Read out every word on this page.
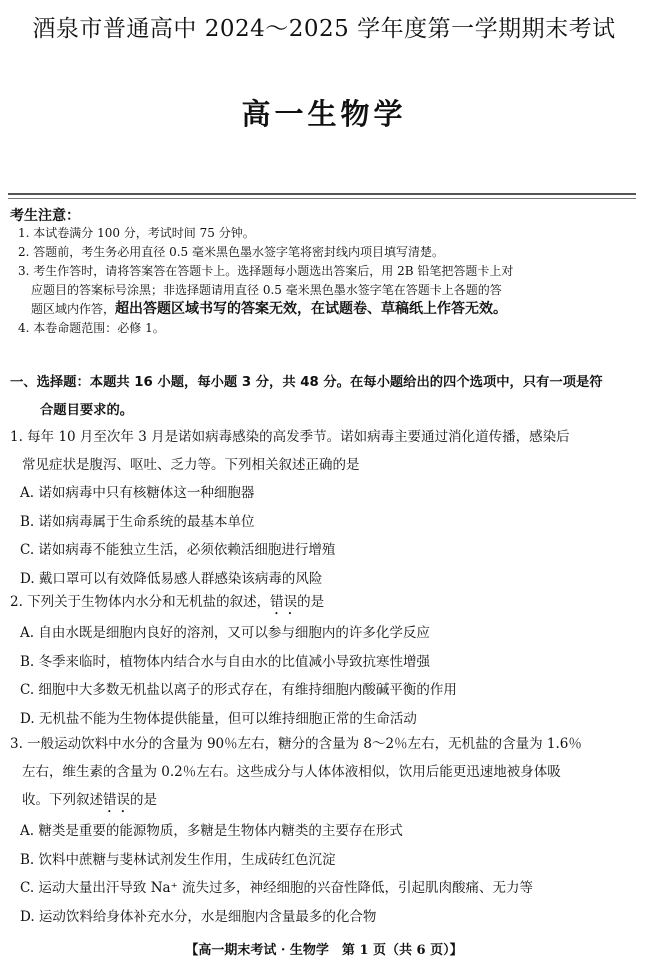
酒泉市普通高中 2024～2025 学年度第一学期期末考试
高一生物学
考生注意：
1. 本试卷满分 100 分，考试时间 75 分钟。
2. 答题前，考生务必用直径 0.5 毫米黑色墨水签字笔将密封线内项目填写清楚。
3. 考生作答时，请将答案答在答题卡上。选择题每小题选出答案后，用 2B 铅笔把答题卡上对
应题目的答案标号涂黑；非选择题请用直径 0.5 毫米黑色墨水签字笔在答题卡上各题的答
题区域内作答，超出答题区域书写的答案无效，在试题卷、草稿纸上作答无效。
4. 本卷命题范围：必修 1。
一、选择题：本题共 16 小题，每小题 3 分，共 48 分。在每小题给出的四个选项中，只有一项是符
合题目要求的。
1. 每年 10 月至次年 3 月是诺如病毒感染的高发季节。诺如病毒主要通过消化道传播，感染后
常见症状是腹泻、呕吐、乏力等。下列相关叙述正确的是
A. 诺如病毒中只有核糖体这一种细胞器
B. 诺如病毒属于生命系统的最基本单位
C. 诺如病毒不能独立生活，必须依赖活细胞进行增殖
D. 戴口罩可以有效降低易感人群感染该病毒的风险
2. 下列关于生物体内水分和无机盐的叙述，错误的是
A. 自由水既是细胞内良好的溶剂，又可以参与细胞内的许多化学反应
B. 冬季来临时，植物体内结合水与自由水的比值减小导致抗寒性增强
C. 细胞中大多数无机盐以离子的形式存在，有维持细胞内酸碱平衡的作用
D. 无机盐不能为生物体提供能量，但可以维持细胞正常的生命活动
3. 一般运动饮料中水分的含量为 90％左右，糖分的含量为 8～2％左右，无机盐的含量为 1.6％
左右，维生素的含量为 0.2％左右。这些成分与人体体液相似，饮用后能更迅速地被身体吸
收。下列叙述错误的是
A. 糖类是重要的能源物质，多糖是生物体内糖类的主要存在形式
B. 饮料中蔗糖与斐林试剂发生作用，生成砖红色沉淀
C. 运动大量出汗导致 Na⁺ 流失过多，神经细胞的兴奋性降低，引起肌肉酸痛、无力等
D. 运动饮料给身体补充水分，水是细胞内含量最多的化合物
【高一期末考试 · 生物学　第 1 页（共 6 页）】
